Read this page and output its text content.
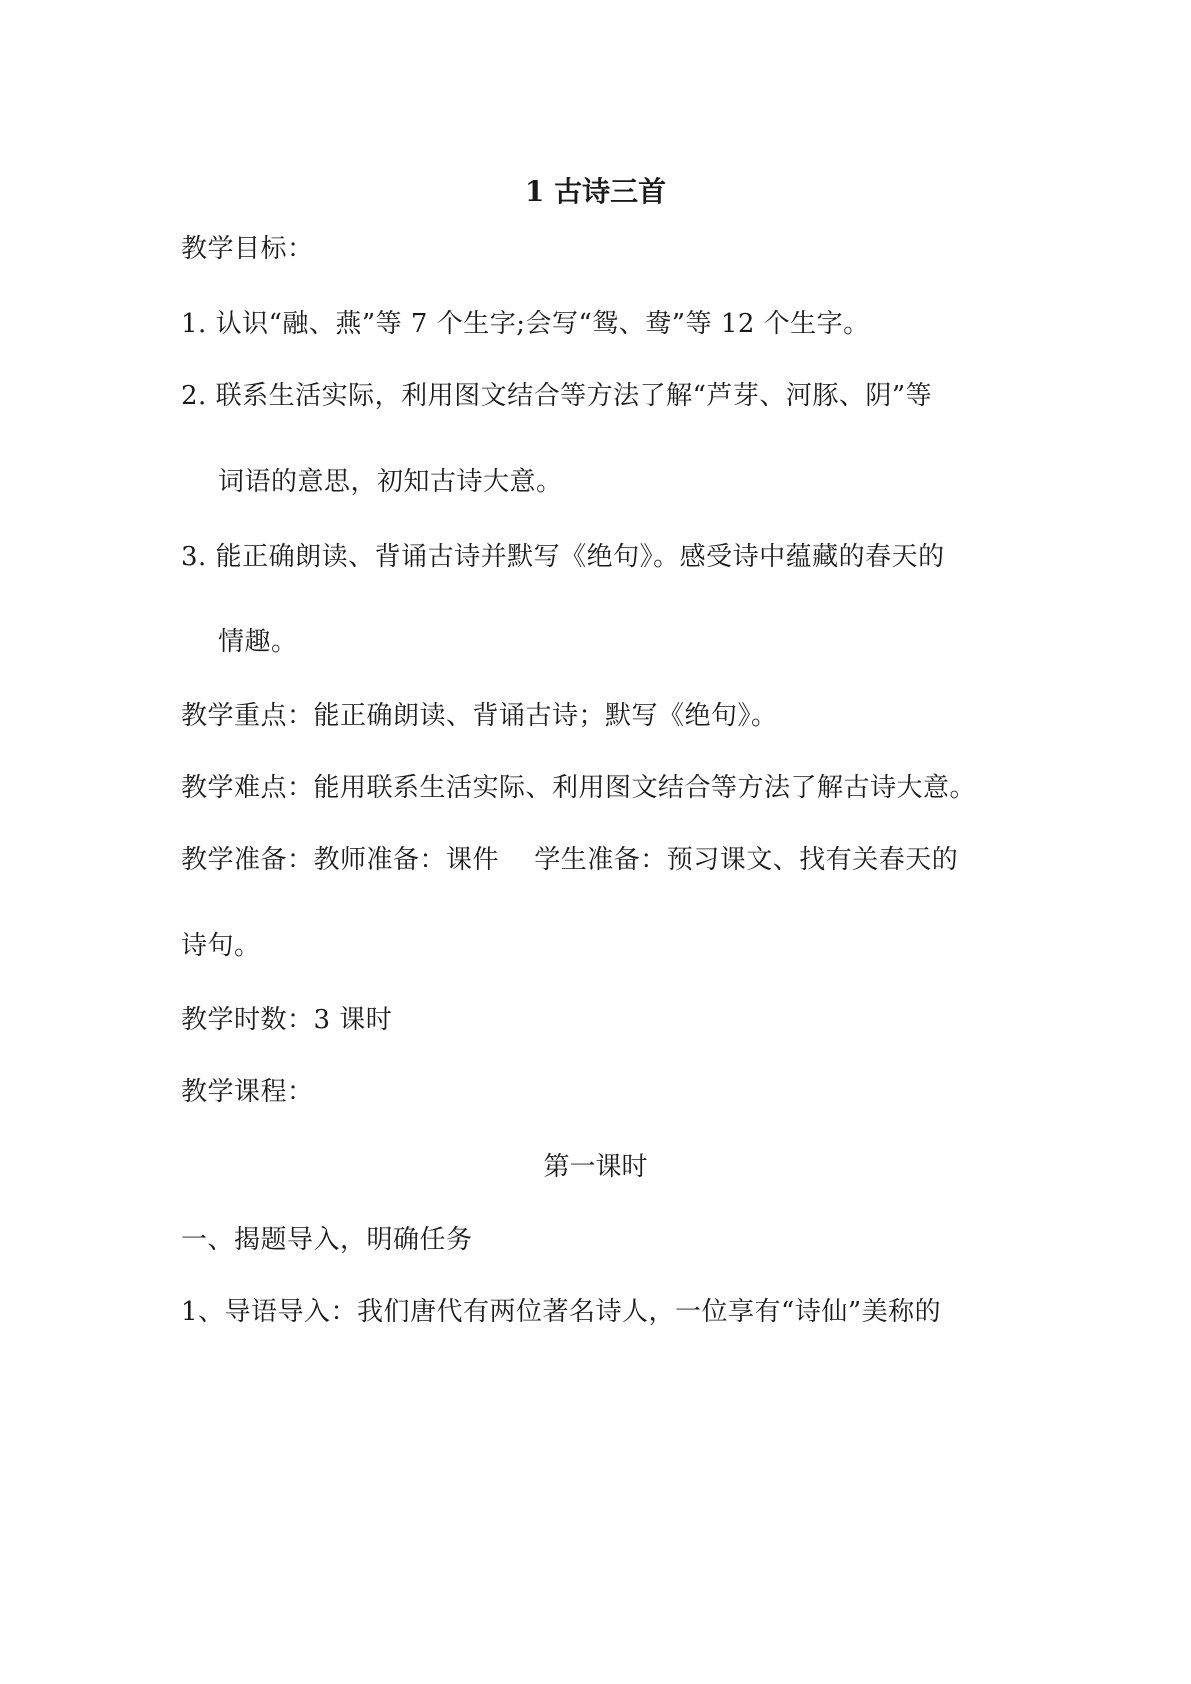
1 古诗三首
教学目标：
1. 认识“融、燕”等 7 个生字;会写“鸳、鸯”等 12 个生字。
2. 联系生活实际，利用图文结合等方法了解“芦芽、河豚、阴”等
词语的意思，初知古诗大意。
3. 能正确朗读、背诵古诗并默写《绝句》。感受诗中蕴藏的春天的
情趣。
教学重点：能正确朗读、背诵古诗；默写《绝句》。
教学难点：能用联系生活实际、利用图文结合等方法了解古诗大意。
教学准备：教师准备：课件　 学生准备：预习课文、找有关春天的
诗句。
教学时数：3 课时
教学课程：
第一课时
一、揭题导入，明确任务
1、导语导入：我们唐代有两位著名诗人，一位享有“诗仙”美称的
